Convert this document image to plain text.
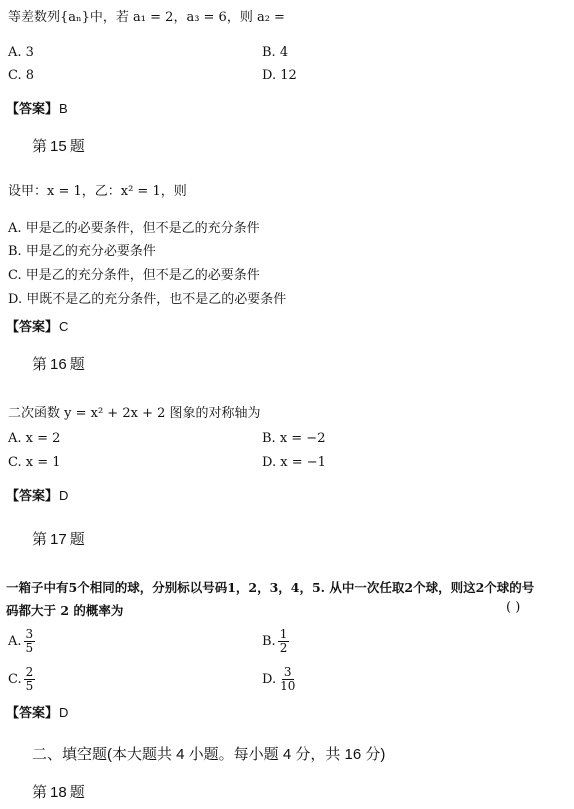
等差数列{aₙ}中，若 a₁ = 2，a₃ = 6，则 a₂ =
A. 3	B. 4
C. 8	D. 12
【答案】B
第 15 题
设甲：x = 1，乙：x² = 1，则
A. 甲是乙的必要条件，但不是乙的充分条件
B. 甲是乙的充分必要条件
C. 甲是乙的充分条件，但不是乙的必要条件
D. 甲既不是乙的充分条件，也不是乙的必要条件
【答案】C
第 16 题
二次函数 y = x² + 2x + 2 图象的对称轴为
A. x = 2	B. x = −2
C. x = 1	D. x = −1
【答案】D
第 17 题
一箱子中有5个相同的球，分别标以号码1，2，3，4，5. 从中一次任取2个球，则这2个球的号
码都大于 2 的概率为	( )
A. $\frac{3}{5}$	B. $\frac{1}{2}$
C. $\frac{2}{5}$	D. $\frac{3}{10}$
【答案】D
二、填空题(本大题共 4 小题。每小题 4 分，共 16 分)
第 18 题
